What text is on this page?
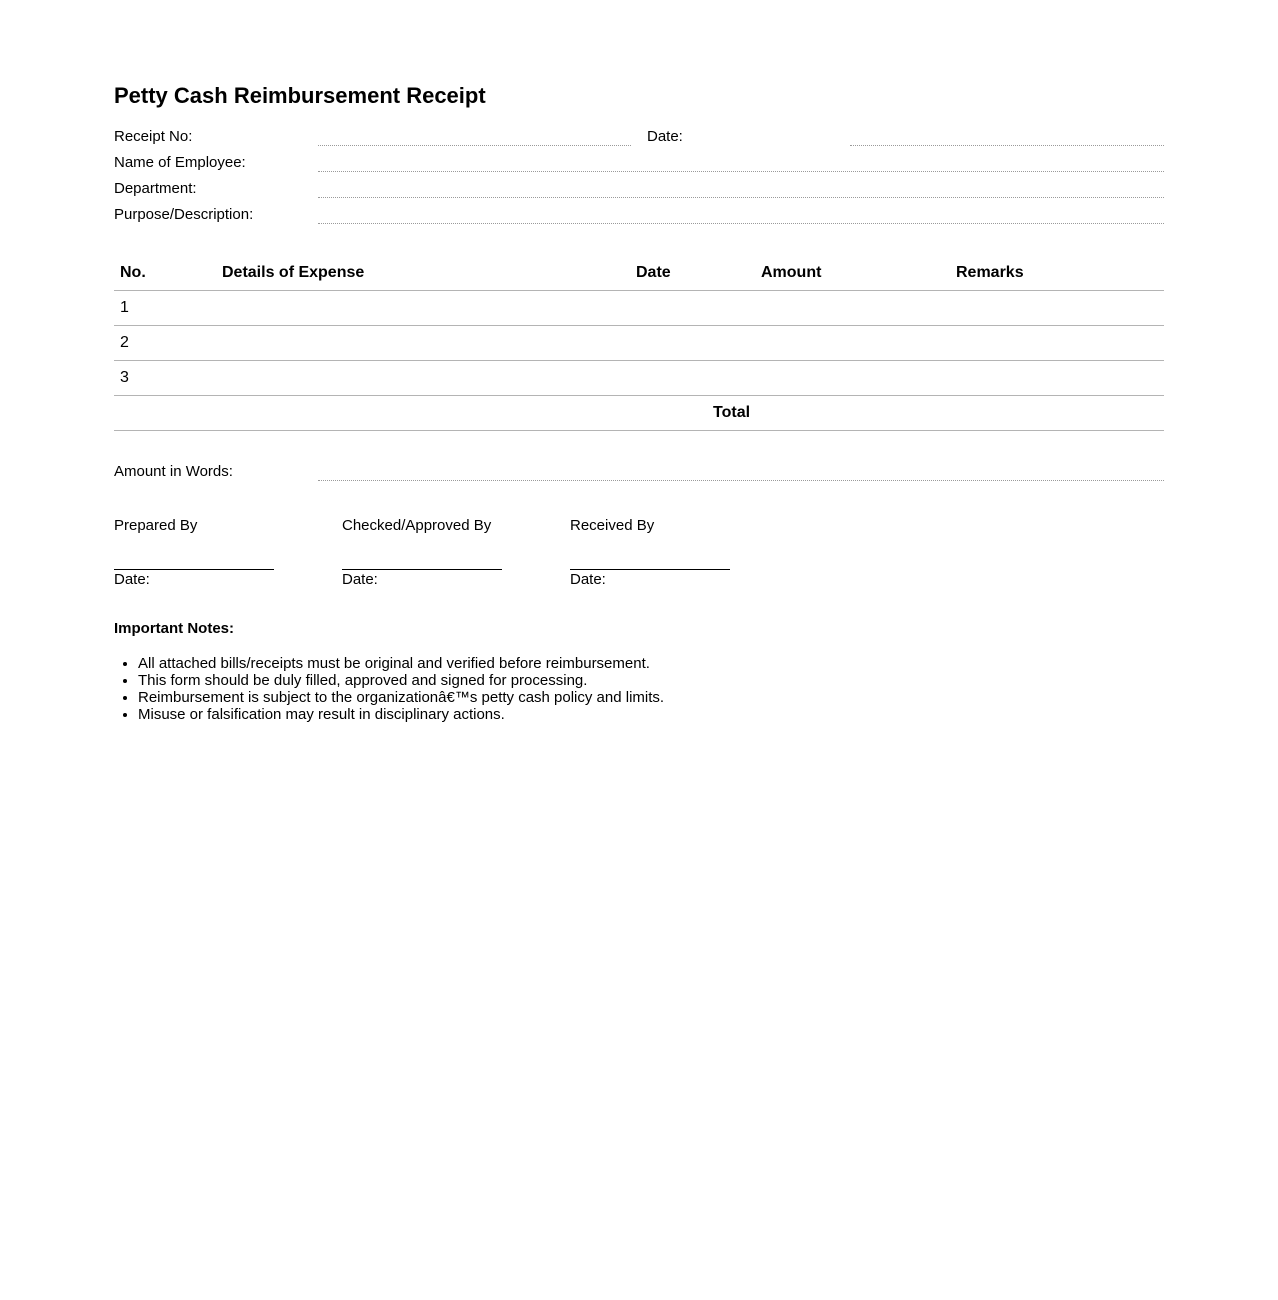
Petty Cash Reimbursement Receipt
Receipt No:	Date:
Name of Employee:
Department:
Purpose/Description:
No.	Details of Expense	Date	Amount	Remarks
1
2
3
Total
Amount in Words:
Prepared By
Date:
Checked/Approved By
Date:
Received By
Date:
Important Notes:
• All attached bills/receipts must be original and verified before reimbursement.
• This form should be duly filled, approved and signed for processing.
• Reimbursement is subject to the organizationâ€™s petty cash policy and limits.
• Misuse or falsification may result in disciplinary actions.
